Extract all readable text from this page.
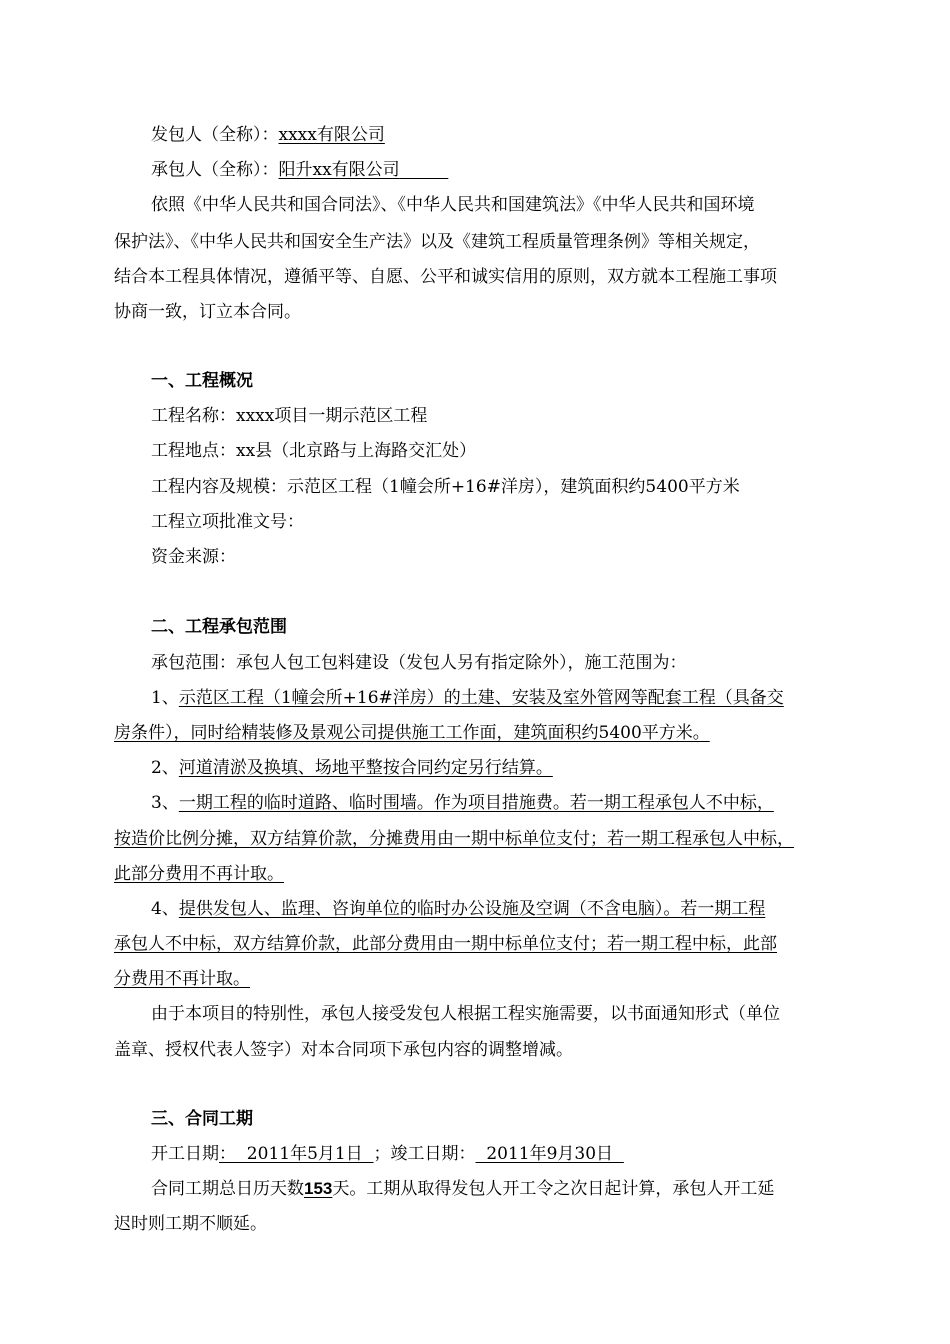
发包人（全称）：xxxx有限公司
承包人（全称）：阳升xx有限公司
依照《中华人民共和国合同法》、《中华人民共和国建筑法》《中华人民共和国环境
保护法》、《中华人民共和国安全生产法》以及《建筑工程质量管理条例》等相关规定，
结合本工程具体情况，遵循平等、自愿、公平和诚实信用的原则，双方就本工程施工事项
协商一致，订立本合同。
一、工程概况
工程名称：xxxx项目一期示范区工程
工程地点：xx县（北京路与上海路交汇处）
工程内容及规模：示范区工程（1幢会所+16#洋房），建筑面积约5400平方米
工程立项批准文号：
资金来源：
二、工程承包范围
承包范围：承包人包工包料建设（发包人另有指定除外），施工范围为：
1、示范区工程（1幢会所+16#洋房）的土建、安装及室外管网等配套工程（具备交
房条件），同时给精装修及景观公司提供施工工作面，建筑面积约5400平方米。
2、河道清淤及换填、场地平整按合同约定另行结算。
3、一期工程的临时道路、临时围墙。作为项目措施费。若一期工程承包人不中标，
按造价比例分摊，双方结算价款，分摊费用由一期中标单位支付；若一期工程承包人中标，
此部分费用不再计取。
4、提供发包人、监理、咨询单位的临时办公设施及空调（不含电脑）。若一期工程
承包人不中标，双方结算价款，此部分费用由一期中标单位支付；若一期工程中标，此部
分费用不再计取。
由于本项目的特别性，承包人接受发包人根据工程实施需要，以书面通知形式（单位
盖章、授权代表人签字）对本合同项下承包内容的调整增减。
三、合同工期
开工日期：  2011年5月1日  ；竣工日期：  2011年9月30日
合同工期总日历天数153天。工期从取得发包人开工令之次日起计算，承包人开工延
迟时则工期不顺延。
